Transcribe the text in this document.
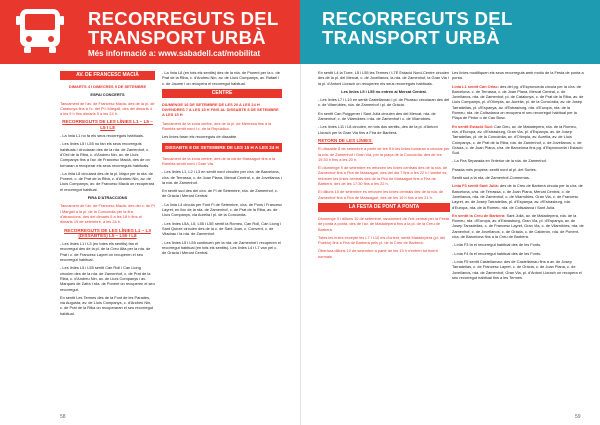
RECORREGUTS DEL
TRANSPORT URBÀ
Més informació a: www.sabadell.cat/mobilitat
RECORREGUTS DEL
TRANSPORT URBÀ
AV. DE FRANCESC MACIÀ

DIMARTS 4 I DIMECRES 5 DE SETEMBRE

ESPAI CONCERTS

Tancament de l'av. de Francesc Macià, des de la pl. de Catalunya fins a l'c. del Pi i Margall, des del dimarts 4 a les 9 h fins dimarts 5 a les 24 h.

RECORREGUTS DE LES LÍNIES L1 – L5 – L5 I L8

- La línia L1 no fa els seus recorreguts habituals.

- Les línies L5 i L55 no fan els seus recorreguts habituals i circularan des de la rda. de Zamenhof, c. d'Ord de la Riba, c. d'Andreu Nin, av. de Lluís Companys fins a l'av. de Francesc Macià, des de on tornaran a recuperar els seus recorreguts habituals.

- La línia L8 circularà des de la pl. Major per la rda. de Ponent, c. de Prat de la Riba, c. d'Andreu Nin, av. de Lluís Companys, av. de Francesc Macià on recuperarà el recorregut habitual.

FIRA D'ATRACCIONS

Tancament de l'av. de Francesc Macià, des del c. de Pi i Margall a la pl. de la Concòrdia per la fira d'atraccions, des del dimarts 5 a les 18 h fins al dimarts 19 de setembre, a les 24 h.

RECORREGUTS DE LES LÍNIES L1 – L3 (DISSABTES) L5 – L55 I L8

- Les línies L1 i L3 (en totes els sentits) fan el recorregut des de la pl. de la Creu Alta per la rda. de Prat i c. de Francesc Layret on recuperen el seu recorregut habitual.

- Les línies L5 i L55 sentit Can Roll i Can Llong circulen des de la rda. de Zamenhof, c. de Prat de la Riba, c. d'Andreu Nin, av. de Lluís Companys i av. Marquès de Zafra i rda. de Ponent on recuperen el seu recorregut.

En sentit Les Termes des de la Font de les Parades, via Augusta, av. de Lluís Companys, c. d'Andreu Nin, c. de Prat de la Riba on recuperaran el seu recorregut habitual.

- La línia L8 (en tots els sentits) des de la rda. de Ponent per la c. de Prat de la Riba, c. d'Andreu Nin, av. de Lluís Companys, av. Rafael i c. de Jaume i on recupera el recorregut habitual.

CENTRE

DIUMENGE 16 DE SETEMBRE DE LES 20 A LES 24 H DIVENDRES 7 A LES 15 H FINS AL DISSABTE 8 DE SETEMBRE A LES 15 H

Tancament de la zona centre, des de la pl. de Menresa fins a la Rambla sentit nord i c. de la República.

Les línies faran els recorreguts de dissabte.

DISSABTE 8 DE SETEMBRE DE LES 15 H A LES 24 H

Tancament de la zona centre, des de la via de Massagué fins a la Rambla sentit nord i Gran Via.

- Les línies L1, L2 i L3 en sentit nord circulen per c/ra. de Barcelona, c/ra. de Terrassa, c. de Joan Plana, Mercat Central, c. de Jovellanos i la rda. de Zamenhof.

En sentit sud des del c/ra. de Fi de Setembre, rda. de Zamenhof, c. de Gràcia i Mercat Central.

- La línia L4 circula per Font Fi de Setembre, c/ra. de Pons i Francesc Layret, en lloc de la rda. de Zamenhof, c. de Prat de la Riba, av. de Lluís Companys, via Aurèlia i pl. de la Concòrdia.

- Les línies L5A, L5, L55 i L5E sentit la Romeu, Can Roll, Can Llong i Sant Quirze circulen des de la c. de Sant Joan, c. Convent, c. de Viladrau i la rda. de Zamenhof.

- Les línies L5 i L55 continuen per la rda. de Zamenhof i recuperen el recorregut habitual (en tots els sentits). Les línies L4 i L7 van pel c. de Gràcia i Mercat Central.

En sentit L4 la Torre, L5 i L55 les Termes i L7E Estació Nord-Centre circulen des de la pl. del Mercat, c. de Jovellanos, la rda. de Zamenhof, la Gran Via i la pl. d'Antoni Llorach on recuperen els seus recorreguts habituals.

Les línies L5 i L55 no entren al Mercat Central.

- Les línies L7 i L10 en sentit Castellarnau i pl. de Picasso circularan des del c. de Vilarrúbies, rda. de Zamenhof i pl. de Gràcia.

En sentit Can Puiggener i Sant Julià circulen des del Mercat, rda. de Zamenhof, c. de Vilarrúbies i rda. de Zamenhof i c. de Vilarrúbies.

- Les línies L11 i L8 circulen, en tots dos sentits, des de la pl. d'Antoni Llorach per la Gran Via fins a Fira de Barberà.

RETORN DE LES LÍNIES:

El dissabte 8 de setembre a partir de les 9 h les línies tornaran a circular per la rda. de Zamenhof i Gran Via, per la plaça de la Concòrdia, des de les 19:30 h fins a les 20 h.

El diumenge 9 de setembre es reforcen les línies centrals des de la rda. de Zamenhof fins a Fira de Massagué, des del dia 7 fins a les 22 h i també es reforcen les línies centrals des de la Fira de Massagué fins a Fira de Barberà, des de les 17:30 fins a les 22 h.

El dilluns 10 de setembre es reforcen les línies centrals des de la rda. de Zamenhof fins a Fira de Massagué, des de les 19 h fins a les 21 h.

LA FESTA DE PONT A PONTA

Diumenge 9 i dilluns 10 de setembre, tancament de l'eix central per la Festa de ponta a ponta, des de l'av. de Matadepera fins a la pl. de la Creu de Barberà.

Totes les línies excepte les L7 i L10 els d'orient, sentit Matadepera (pl. del Pueblo) fins a Fira de Barberà pels pl. de la Creu de Barberà.

Obertura dilluns 10 de setembre a partir de les 19 h s'entren tot tinent normals.

Les línies modifiquen els seus recorreguts amb motiu de la Festa de ponta a ponta.

Línia L1 sentit Can Oriac: des del pg. d'Espronceda circula per la c/ra. de Barcelona, c. de Terrassa, c. de Joan Plana, Mercat Central, c. de Jovellanos, rda. de Zamenhof, pl. de Catalunya, c. de Prat de la Riba, av. de Lluís Companys, pl. d'Olímpia, av. Aurèlia, pl. de la Concòrdia, av. de Josep Tarradellas, pl. d'Espanya, av. d'Estrasburg, rda. d'Europa, rda. de la Romeu, rda. de Collsalarca on recupera el seu recorregut habitual per la Plaça de Pintor o de Cau Bosc.

En sentit Estació Sud: Can Deu, av. de Matadepera, rda. de la Romeu, rda. d'Europa, av. d'Estrasburg, Gran Via, pl. d'Espanya, av. de Josep Tarradellas, pl. de la Concòrdia, av. d'Olímpia, av. Aurèlia, av. de Lluís Companys, c. de Prat de la Riba, rda. de Zamenhof, c. de Jovellanos, c. de Gràcia, c. de Joan Plana, c/ra. de Barcelona fins pg. d'Espronceda i Estació Sud.

- La Fira Separada en l'interior de la rda. de Zamenhof.

Parada més propera: sentit nord al pl. del Sortes.

Sentit sud a la rda. de Zamenhof-Comermas.

Línia F3 sentit Sant Julià: des de la Creu de Barberà circula per la c/ra. de Barcelona, c/ra. de Terrassa, c. de Joan Plana, Mercat Central, c. de Jovellanos, rda. de Zamenhof, c. de Vilarrúbies, Gran Via, c. de Francesc Layret, av. de Josep Tarradellas, pl. d'Espanya, av. d'Estrasburg, rda. d'Europa, rda. de la Romeu, rda. de Collsalarca i Sant Julià.

En sentit la Creu de Barberà: Sant Julià, av. de Matadepera, rda. de la Romeu, rda. d'Europa, av. d'Estrasburg, Gran Via, pl. d'Espanya, av. de Josep Tarradellas, c. de Francesc Layret, Gran Via, c. de Vilarrúbies, rda. de Zamenhof, c. de Jovellanos, c. de Gràcia, c. de Calderón, rda. de Ponent, c/ra. de Barcelona fins a la Creu de Barberà.

- Línia F3 fa el recorregut habitual des de les Fonts.

- Línia F4 fa el recorregut habitual des de les Fonts.

- Línia F5 sentit Castellarnau: des de Castellarnau fins a av. de Josep Tarradellas, c. de Francesc Layret, c. de Gràcia, c. de Joan Plana, c. de Jovellanos, rda. de Zamenhof, Gran Via, pl. d'Antoni Llorach on recupera el seu recorregut habitual fins a les Termes.

58	59
